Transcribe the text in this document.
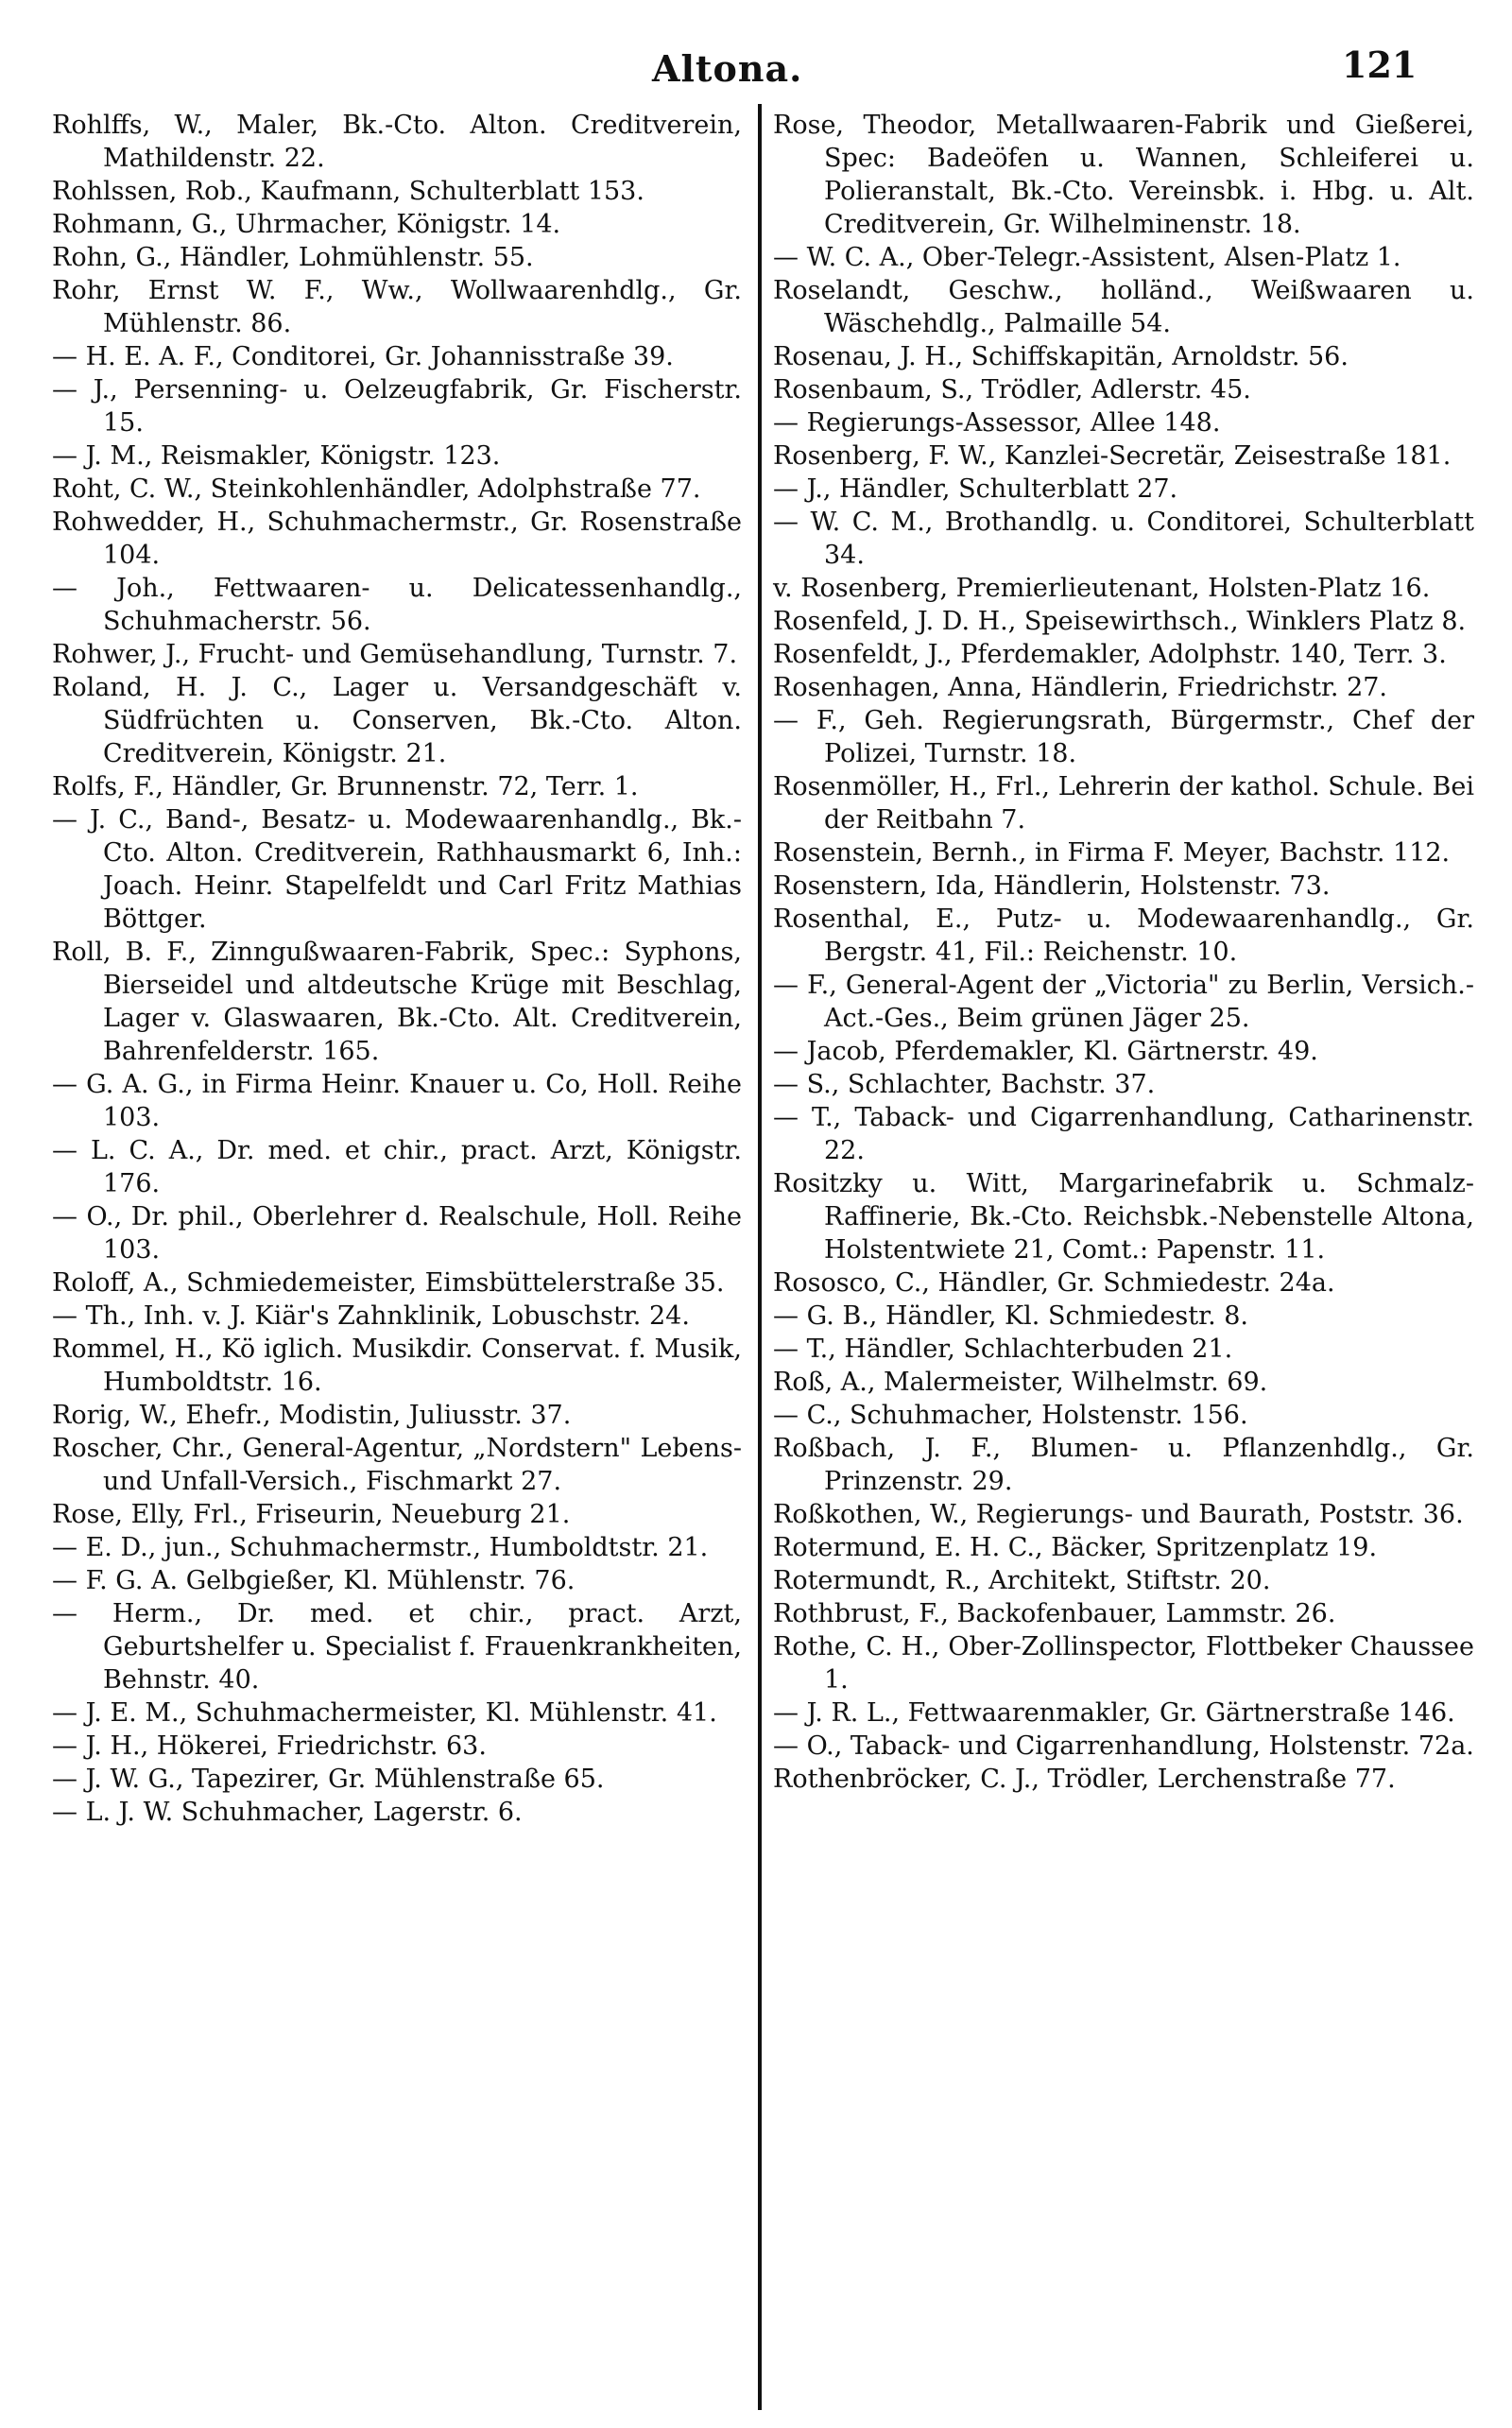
Altona.	121
Rohlffs, W., Maler, Bk.-Cto. Alton. Creditverein, Mathildenstr. 22.
Rohlssen, Rob., Kaufmann, Schulterblatt 153.
Rohmann, G., Uhrmacher, Königstr. 14.
Rohn, G., Händler, Lohmühlenstr. 55.
Rohr, Ernst W. F., Ww., Wollwaarenhdlg., Gr. Mühlenstr. 86.
— H. E. A. F., Conditorei, Gr. Johannisstraße 39.
— J., Persenning- u. Oelzeugfabrik, Gr. Fischerstr. 15.
— J. M., Reismakler, Königstr. 123.
Roht, C. W., Steinkohlenhändler, Adolphstraße 77.
Rohwedder, H., Schuhmachermstr., Gr. Rosenstraße 104.
— Joh., Fettwaaren- u. Delicatessenhandlg., Schuhmacherstr. 56.
Rohwer, J., Frucht- und Gemüsehandlung, Turnstr. 7.
Roland, H. J. C., Lager u. Versandgeschäft v. Südfrüchten u. Conserven, Bk.-Cto. Alton. Creditverein, Königstr. 21.
Rolfs, F., Händler, Gr. Brunnenstr. 72, Terr. 1.
— J. C., Band-, Besatz- u. Modewaarenhandlg., Bk.-Cto. Alton. Creditverein, Rathhausmarkt 6, Inh.: Joach. Heinr. Stapelfeldt und Carl Fritz Mathias Böttger.
Roll, B. F., Zinngußwaaren-Fabrik, Spec.: Syphons, Bierseidel und altdeutsche Krüge mit Beschlag, Lager v. Glaswaaren, Bk.-Cto. Alt. Creditverein, Bahrenfelderstr. 165.
— G. A. G., in Firma Heinr. Knauer u. Co, Holl. Reihe 103.
— L. C. A., Dr. med. et chir., pract. Arzt, Königstr. 176.
— O., Dr. phil., Oberlehrer d. Realschule, Holl. Reihe 103.
Roloff, A., Schmiedemeister, Eimsbüttelerstraße 35.
— Th., Inh. v. J. Kiär's Zahnklinik, Lobuschstr. 24.
Rommel, H., Kö iglich. Musikdir. Conservat. f. Musik, Humboldtstr. 16.
Rorig, W., Ehefr., Modistin, Juliusstr. 37.
Roscher, Chr., General-Agentur, „Nordstern" Lebens- und Unfall-Versich., Fischmarkt 27.
Rose, Elly, Frl., Friseurin, Neueburg 21.
— E. D., jun., Schuhmachermstr., Humboldtstr. 21.
— F. G. A. Gelbgießer, Kl. Mühlenstr. 76.
— Herm., Dr. med. et chir., pract. Arzt, Geburtshelfer u. Specialist f. Frauenkrankheiten, Behnstr. 40.
— J. E. M., Schuhmachermeister, Kl. Mühlenstr. 41.
— J. H., Hökerei, Friedrichstr. 63.
— J. W. G., Tapezirer, Gr. Mühlenstraße 65.
— L. J. W. Schuhmacher, Lagerstr. 6.
Rose, Theodor, Metallwaaren-Fabrik und Gießerei, Spec: Badeöfen u. Wannen, Schleiferei u. Polieranstalt, Bk.-Cto. Vereinsbk. i. Hbg. u. Alt. Creditverein, Gr. Wilhelminenstr. 18.
— W. C. A., Ober-Telegr.-Assistent, Alsen-Platz 1.
Roselandt, Geschw., holländ., Weißwaaren u. Wäschehdlg., Palmaille 54.
Rosenau, J. H., Schiffskapitän, Arnoldstr. 56.
Rosenbaum, S., Trödler, Adlerstr. 45.
— Regierungs-Assessor, Allee 148.
Rosenberg, F. W., Kanzlei-Secretär, Zeisestraße 181.
— J., Händler, Schulterblatt 27.
— W. C. M., Brothandlg. u. Conditorei, Schulterblatt 34.
v. Rosenberg, Premierlieutenant, Holsten-Platz 16.
Rosenfeld, J. D. H., Speisewirthsch., Winklers Platz 8.
Rosenfeldt, J., Pferdemakler, Adolphstr. 140, Terr. 3.
Rosenhagen, Anna, Händlerin, Friedrichstr. 27.
— F., Geh. Regierungsrath, Bürgermstr., Chef der Polizei, Turnstr. 18.
Rosenmöller, H., Frl., Lehrerin der kathol. Schule. Bei der Reitbahn 7.
Rosenstein, Bernh., in Firma F. Meyer, Bachstr. 112.
Rosenstern, Ida, Händlerin, Holstenstr. 73.
Rosenthal, E., Putz- u. Modewaarenhandlg., Gr. Bergstr. 41, Fil.: Reichenstr. 10.
— F., General-Agent der „Victoria" zu Berlin, Versich.-Act.-Ges., Beim grünen Jäger 25.
— Jacob, Pferdemakler, Kl. Gärtnerstr. 49.
— S., Schlachter, Bachstr. 37.
— T., Taback- und Cigarrenhandlung, Catharinenstr. 22.
Rositzky u. Witt, Margarinefabrik u. Schmalz-Raffinerie, Bk.-Cto. Reichsbk.-Nebenstelle Altona, Holstentwiete 21, Comt.: Papenstr. 11.
Rososco, C., Händler, Gr. Schmiedestr. 24a.
— G. B., Händler, Kl. Schmiedestr. 8.
— T., Händler, Schlachterbuden 21.
Roß, A., Malermeister, Wilhelmstr. 69.
— C., Schuhmacher, Holstenstr. 156.
Roßbach, J. F., Blumen- u. Pflanzenhdlg., Gr. Prinzenstr. 29.
Roßkothen, W., Regierungs- und Baurath, Poststr. 36.
Rotermund, E. H. C., Bäcker, Spritzenplatz 19.
Rotermundt, R., Architekt, Stiftstr. 20.
Rothbrust, F., Backofenbauer, Lammstr. 26.
Rothe, C. H., Ober-Zollinspector, Flottbeker Chaussee 1.
— J. R. L., Fettwaarenmakler, Gr. Gärtnerstraße 146.
— O., Taback- und Cigarrenhandlung, Holstenstr. 72a.
Rothenbröcker, C. J., Trödler, Lerchenstraße 77.
